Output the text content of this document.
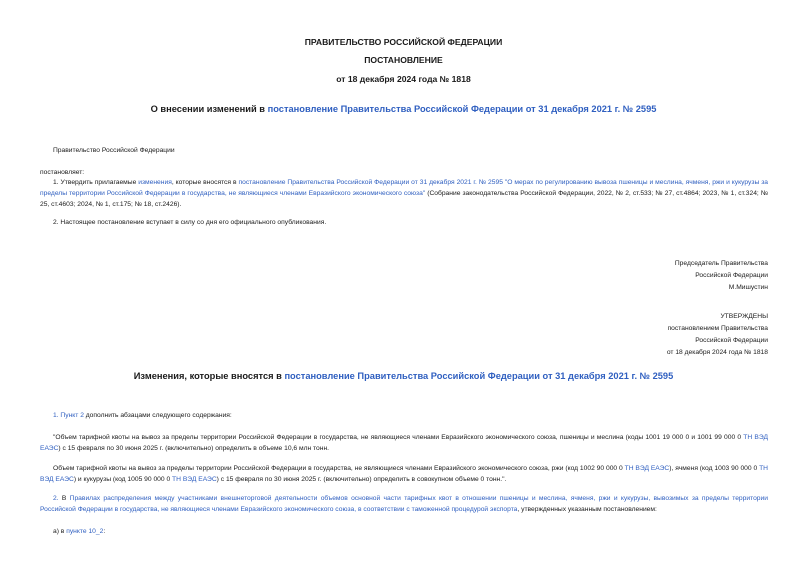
ПРАВИТЕЛЬСТВО РОССИЙСКОЙ ФЕДЕРАЦИИ
ПОСТАНОВЛЕНИЕ
от 18 декабря 2024 года № 1818
О внесении изменений в постановление Правительства Российской Федерации от 31 декабря 2021 г. № 2595

Правительство Российской Федерации

постановляет:

1. Утвердить прилагаемые изменения, которые вносятся в постановление Правительства Российской Федерации от 31 декабря 2021 г. № 2595 "О мерах по регулированию вывоза пшеницы и меслина, ячменя, ржи и кукурузы за пределы территории Российской Федерации в государства, не являющиеся членами Евразийского экономического союза" (Собрание законодательства Российской Федерации, 2022, № 2, ст.533; № 27, ст.4864; 2023, № 1, ст.324; № 25, ст.4603; 2024, № 1, ст.175; № 18, ст.2426).

2. Настоящее постановление вступает в силу со дня его официального опубликования.

Председатель Правительства
Российской Федерации
М.Мишустин
УТВЕРЖДЕНЫ
постановлением Правительства
Российской Федерации
от 18 декабря 2024 года № 1818
Изменения, которые вносятся в постановление Правительства Российской Федерации от 31 декабря 2021 г. № 2595

1. Пункт 2 дополнить абзацами следующего содержания:

"Объем тарифной квоты на вывоз за пределы территории Российской Федерации в государства, не являющиеся членами Евразийского экономического союза, пшеницы и меслина (коды 1001 19 000 0 и 1001 99 000 0 ТН ВЭД ЕАЭС) с 15 февраля по 30 июня 2025 г. (включительно) определить в объеме 10,6 млн тонн.

Объем тарифной квоты на вывоз за пределы территории Российской Федерации в государства, не являющиеся членами Евразийского экономического союза, ржи (код 1002 90 000 0 ТН ВЭД ЕАЭС), ячменя (код 1003 90 000 0 ТН ВЭД ЕАЭС) и кукурузы (код 1005 90 000 0 ТН ВЭД ЕАЭС) с 15 февраля по 30 июня 2025 г. (включительно) определить в совокупном объеме 0 тонн.".

2. В Правилах распределения между участниками внешнеторговой деятельности объемов основной части тарифных квот в отношении пшеницы и меслина, ячменя, ржи и кукурузы, вывозимых за пределы территории Российской Федерации в государства, не являющиеся членами Евразийского экономического союза, в соответствии с таможенной процедурой экспорта, утвержденных указанным постановлением:

а) в пункте 10_2:
